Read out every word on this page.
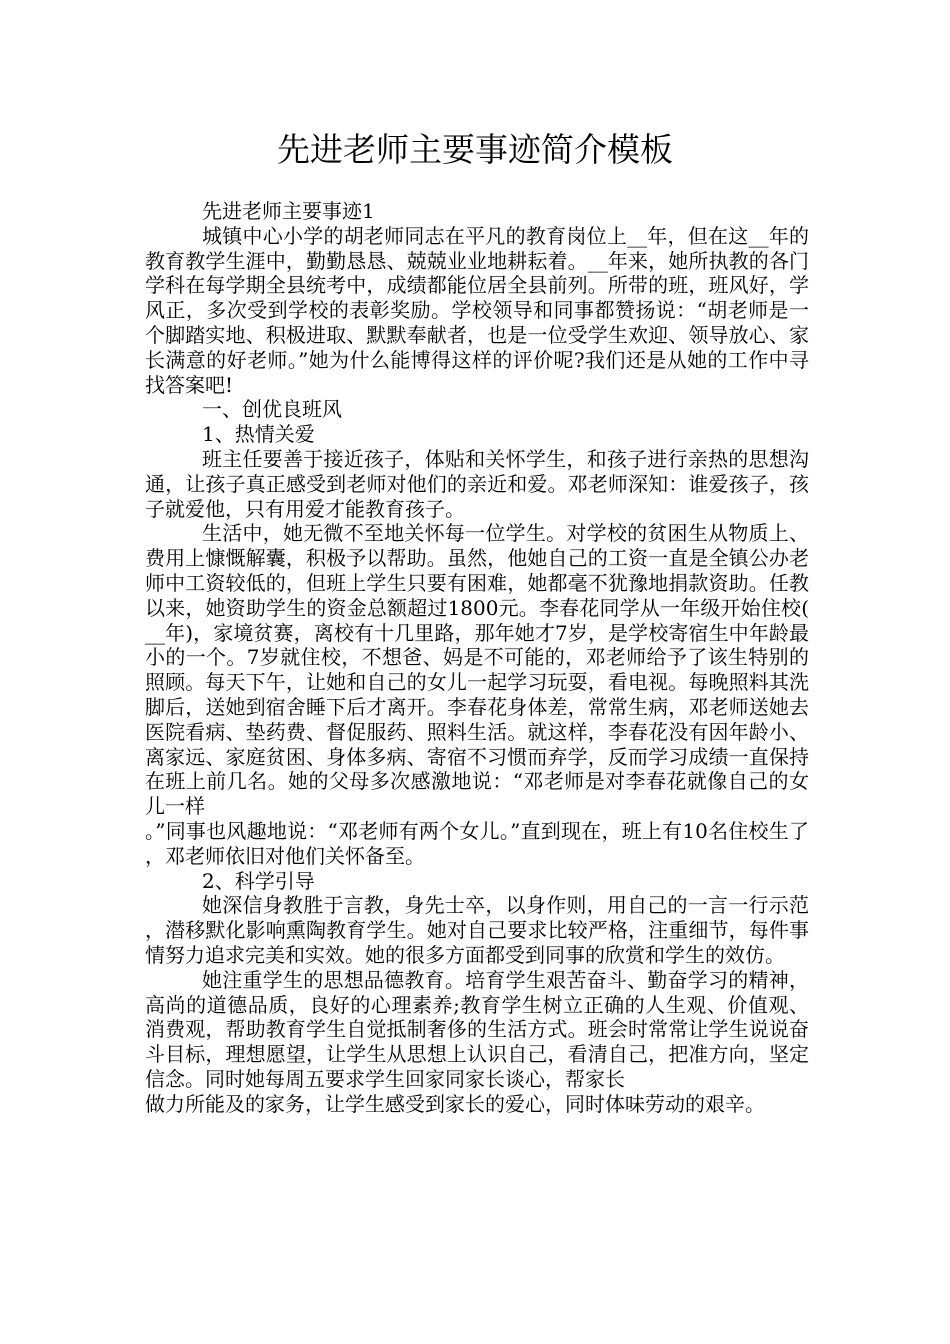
先进老师主要事迹简介模板

先进老师主要事迹1

城镇中心小学的胡老师同志在平凡的教育岗位上__年，但在这__年的教育教学生涯中，勤勤恳恳、兢兢业业地耕耘着。__年来，她所执教的各门学科在每学期全县统考中，成绩都能位居全县前列。所带的班，班风好，学风正，多次受到学校的表彰奖励。学校领导和同事都赞扬说：“胡老师是一个脚踏实地、积极进取、默默奉献者，也是一位受学生欢迎、领导放心、家长满意的好老师。”她为什么能博得这样的评价呢?我们还是从她的工作中寻找答案吧!

一、创优良班风

1、热情关爱

班主任要善于接近孩子，体贴和关怀学生，和孩子进行亲热的思想沟通，让孩子真正感受到老师对他们的亲近和爱。邓老师深知：谁爱孩子，孩子就爱他，只有用爱才能教育孩子。

生活中，她无微不至地关怀每一位学生。对学校的贫困生从物质上、费用上慷慨解囊，积极予以帮助。虽然，他她自己的工资一直是全镇公办老师中工资较低的，但班上学生只要有困难，她都毫不犹豫地捐款资助。任教以来，她资助学生的资金总额超过1800元。李春花同学从一年级开始住校(__年)，家境贫赛，离校有十几里路，那年她才7岁，是学校寄宿生中年龄最小的一个。7岁就住校，不想爸、妈是不可能的，邓老师给予了该生特别的照顾。每天下午，让她和自己的女儿一起学习玩耍，看电视。每晚照料其洗脚后，送她到宿舍睡下后才离开。李春花身体差，常常生病，邓老师送她去医院看病、垫药费、督促服药、照料生活。就这样，李春花没有因年龄小、离家远、家庭贫困、身体多病、寄宿不习惯而弃学，反而学习成绩一直保持在班上前几名。她的父母多次感激地说：“邓老师是对李春花就像自己的女儿一样

。”同事也风趣地说：“邓老师有两个女儿。”直到现在，班上有10名住校生了，邓老师依旧对他们关怀备至。

2、科学引导

她深信身教胜于言教，身先士卒，以身作则，用自己的一言一行示范，潜移默化影响熏陶教育学生。她对自己要求比较严格，注重细节，每件事情努力追求完美和实效。她的很多方面都受到同事的欣赏和学生的效仿。

她注重学生的思想品德教育。培育学生艰苦奋斗、勤奋学习的精神，高尚的道德品质，良好的心理素养;教育学生树立正确的人生观、价值观、消费观，帮助教育学生自觉抵制奢侈的生活方式。班会时常常让学生说说奋斗目标，理想愿望，让学生从思想上认识自己，看清自己，把准方向，坚定信念。同时她每周五要求学生回家同家长谈心，帮家长

做力所能及的家务，让学生感受到家长的爱心，同时体味劳动的艰辛。
